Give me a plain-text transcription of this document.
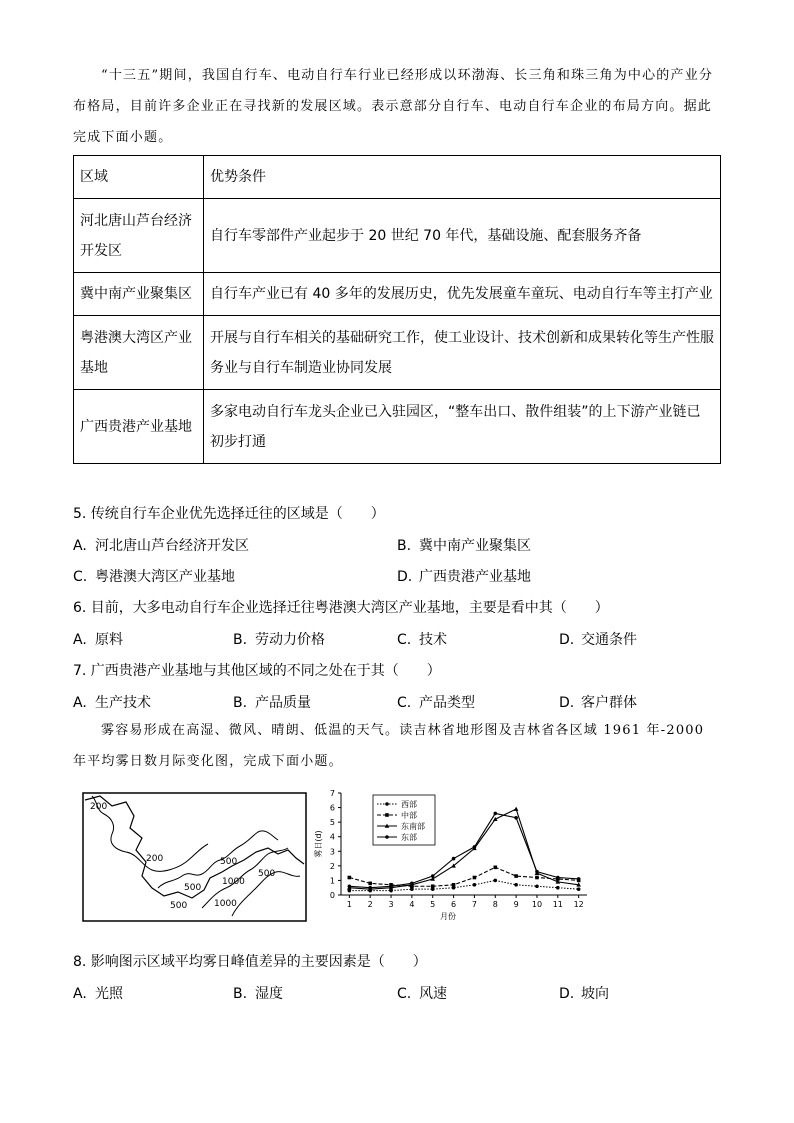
“十三五”期间，我国自行车、电动自行车行业已经形成以环渤海、长三角和珠三角为中心的产业分布格局，目前许多企业正在寻找新的发展区域。表示意部分自行车、电动自行车企业的布局方向。据此完成下面小题。
区域	优势条件
河北唐山芦台经济开发区	自行车零部件产业起步于 20 世纪 70 年代，基础设施、配套服务齐备
冀中南产业聚集区	自行车产业已有 40 多年的发展历史，优先发展童车童玩、电动自行车等主打产业
粤港澳大湾区产业基地	开展与自行车相关的基础研究工作，使工业设计、技术创新和成果转化等生产性服务业与自行车制造业协同发展
广西贵港产业基地	多家电动自行车龙头企业已入驻园区，“整车出口、散件组装”的上下游产业链已初步打通
5. 传统自行车企业优先选择迁往的区域是（　　）
A. 河北唐山芦台经济开发区	B. 冀中南产业聚集区
C. 粤港澳大湾区产业基地	D. 广西贵港产业基地
6. 目前，大多电动自行车企业选择迁往粤港澳大湾区产业基地，主要是看中其（　　）
A. 原料	B. 劳动力价格	C. 技术	D. 交通条件
7. 广西贵港产业基地与其他区域的不同之处在于其（　　）
A. 生产技术	B. 产品质量	C. 产品类型	D. 客户群体
雾容易形成在高湿、微风、晴朗、低温的天气。读吉林省地形图及吉林省各区域 1961 年-2000 年平均雾日数月际变化图，完成下面小题。
200
200	500
500
1000
500
1000
500
0
1
2
3
4
5
6
7
1 2 3 4 5 6 7 8 9 10 11 12
月份
雾日(d)
西部
中部
东南部
东部
8. 影响图示区域平均雾日峰值差异的主要因素是（　　）
A. 光照	B. 湿度	C. 风速	D. 坡向
